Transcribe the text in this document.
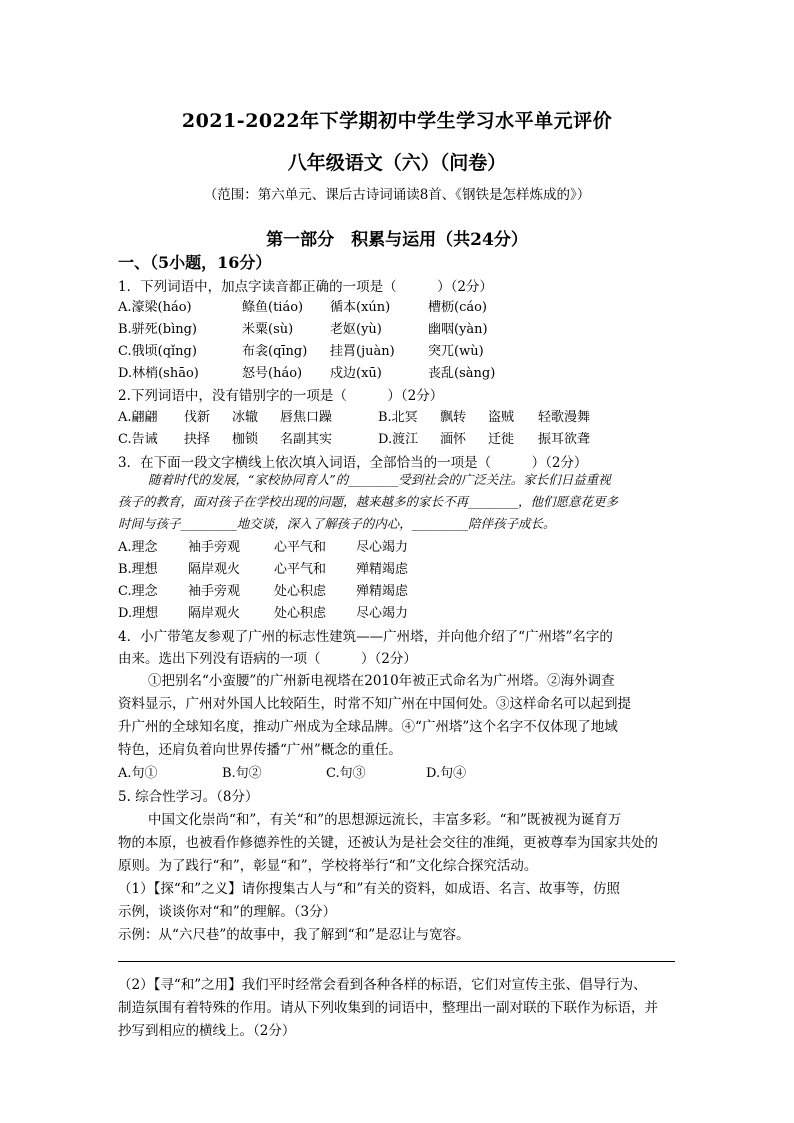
2021-2022年下学期初中学生学习水平单元评价
八年级语文（六）（问卷）
（范围：第六单元、课后古诗词诵读8首、《钢铁是怎样炼成的》）
第一部分　积累与运用（共24分）
一、（5小题，16分）
1．下列词语中，加点字读音都正确的一项是（　　　）（2分）
A.濠梁(háo)	鲦鱼(tiáo) 循本(xún)	槽枥(cáo)
B.骈死(bìng)	米粟(sù)	老妪(yù)	幽咽(yàn)
C.俄顷(qǐng)	布衾(qīng) 挂罥(juàn)	突兀(wù)
D.林梢(shāo)	怒号(háo) 戍边(xū)	丧乱(sàng)
2.下列词语中，没有错别字的一项是（　　　）（2分）
A.翩翩 伐新 冰辙 唇焦口躁	B.北冥 飘转 盗贼 轻歌漫舞
C.告诫 抉择 枷锁 名副其实	D.渡江 湎怀 迁徙 振耳欲聋
3．在下面一段文字横线上依次填入词语，全部恰当的一项是（　　　）（2分）
随着时代的发展，“家校协同育人”的________受到社会的广泛关注。家长们日益重视
孩子的教育，面对孩子在学校出现的问题，越来越多的家长不再________，他们愿意花更多
时间与孩子_________地交谈，深入了解孩子的内心，_________陪伴孩子成长。
A.理念 袖手旁观	心平气和 尽心竭力
B.理想 隔岸观火	心平气和 殚精竭虑
C.理念 袖手旁观	处心积虑 殚精竭虑
D.理想 隔岸观火	处心积虑 尽心竭力
4．小广带笔友参观了广州的标志性建筑——广州塔，并向他介绍了“广州塔”名字的
由来。选出下列没有语病的一项（　　　）（2分）
①把别名“小蛮腰”的广州新电视塔在2010年被正式命名为广州塔。②海外调查
资料显示，广州对外国人比较陌生，时常不知广州在中国何处。③这样命名可以起到提
升广州的全球知名度，推动广州成为全球品牌。④“广州塔”这个名字不仅体现了地域
特色，还肩负着向世界传播“广州”概念的重任。
A.句①	B.句②	C.句③	D.句④
5. 综合性学习。（8分）
中国文化崇尚“和”，有关“和”的思想源远流长，丰富多彩。“和”既被视为诞育万
物的本原，也被看作修德养性的关键，还被认为是社会交往的准绳，更被尊奉为国家共处的
原则。为了践行“和”，彰显“和”，学校将举行“和”文化综合探究活动。
（1）【探“和”之义】请你搜集古人与“和”有关的资料，如成语、名言、故事等，仿照
示例，谈谈你对“和”的理解。（3分）
示例：从“六尺巷”的故事中，我了解到“和”是忍让与宽容。
（2）【寻“和”之用】我们平时经常会看到各种各样的标语，它们对宣传主张、倡导行为、
制造氛围有着特殊的作用。请从下列收集到的词语中，整理出一副对联的下联作为标语，并
抄写到相应的横线上。（2分）
